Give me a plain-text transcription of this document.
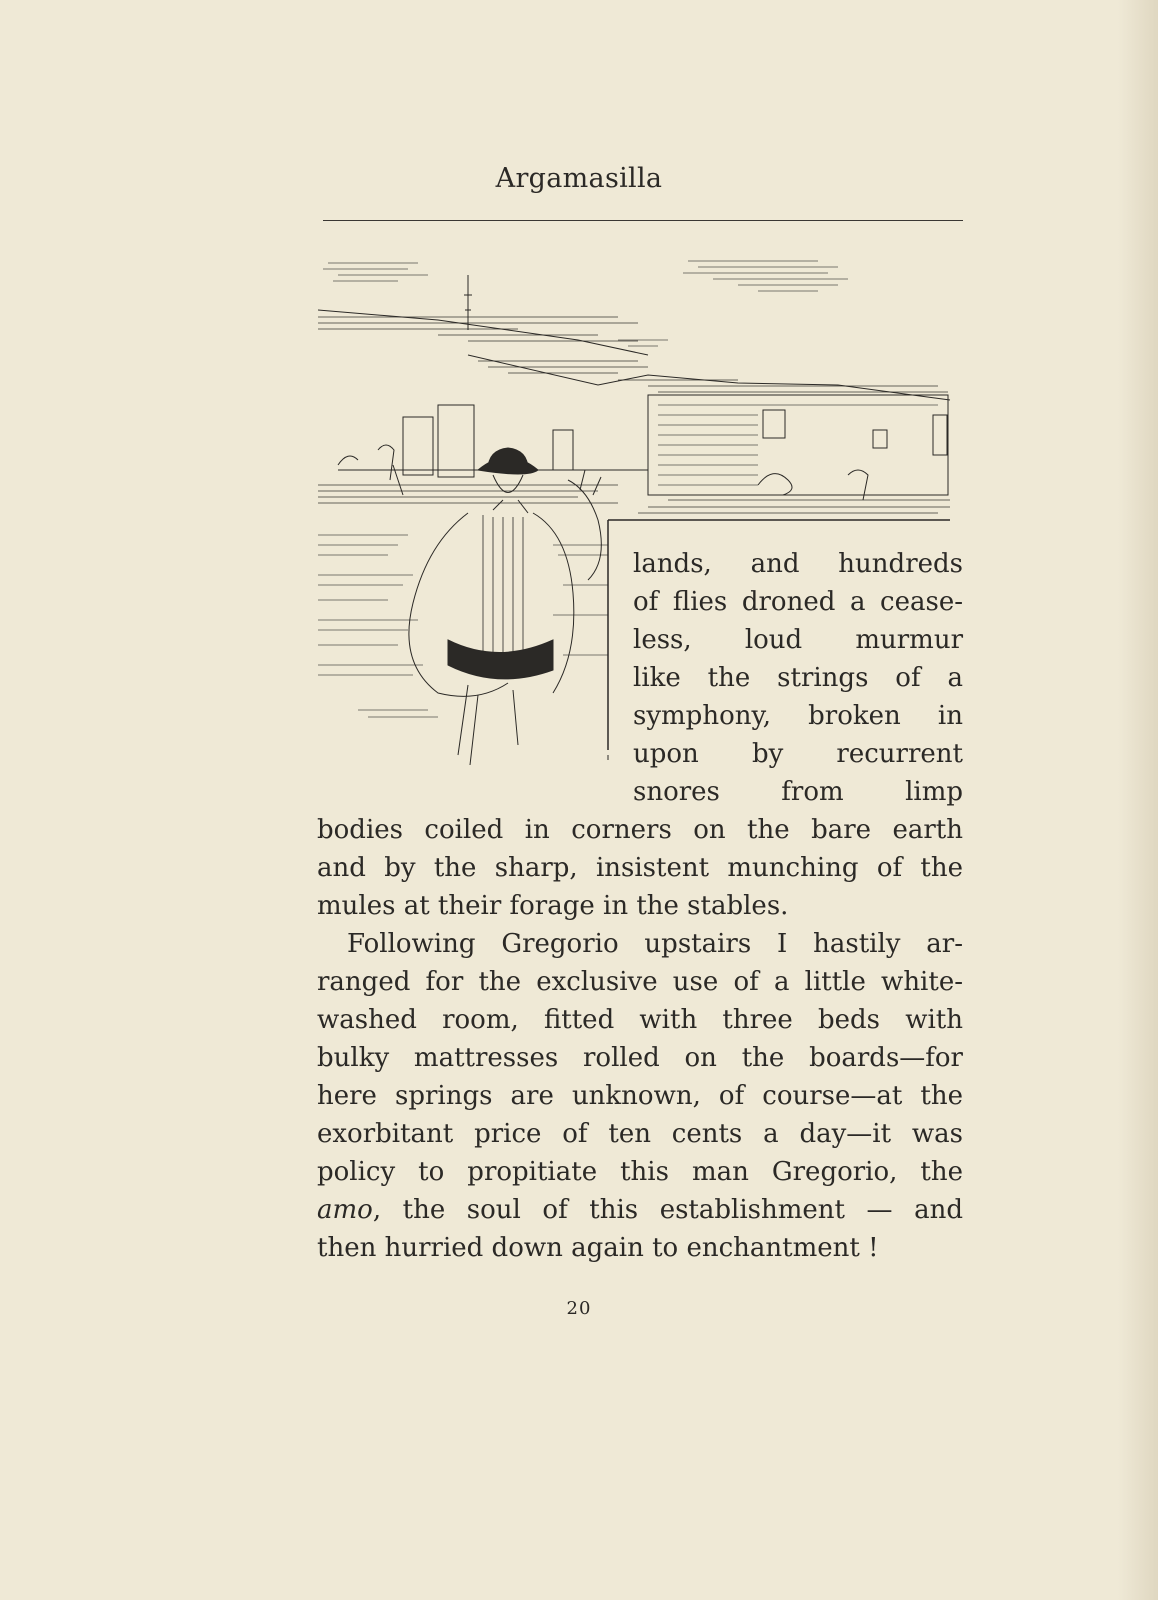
Argamasilla
lands, and hundreds
of flies droned a cease-
less, loud murmur
like the strings of a
symphony, broken in
upon by recurrent
snores from limp
bodies coiled in corners on the bare earth
and by the sharp, insistent munching of the
mules at their forage in the stables.
Following Gregorio upstairs I hastily ar-
ranged for the exclusive use of a little white-
washed room, fitted with three beds with
bulky mattresses rolled on the boards—for
here springs are unknown, of course—at the
exorbitant price of ten cents a day—it was
policy to propitiate this man Gregorio, the
amo, the soul of this establishment — and
then hurried down again to enchantment !
20
